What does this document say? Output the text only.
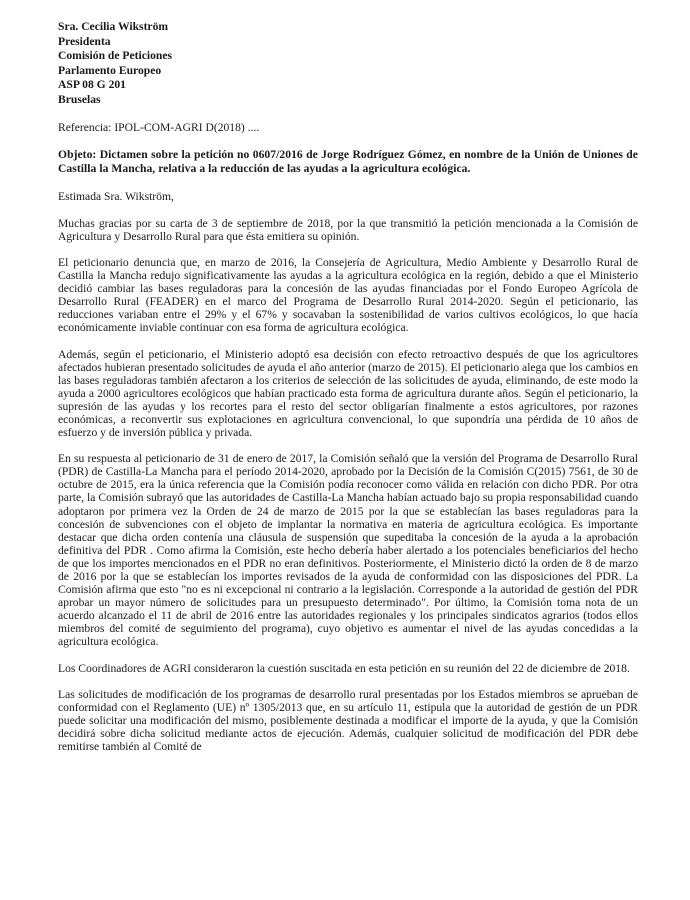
Sra. Cecilia Wikström
Presidenta
Comisión de Peticiones
Parlamento Europeo
ASP 08 G 201
Bruselas

Referencia: IPOL-COM-AGRI D(2018) ....

Objeto: Dictamen sobre la petición no 0607/2016 de Jorge Rodríguez Gómez, en nombre de la Unión de Uniones de Castilla la Mancha, relativa a la reducción de las ayudas a la agricultura ecológica.

Estimada Sra. Wikström,

Muchas gracias por su carta de 3 de septiembre de 2018, por la que transmitió la petición mencionada a la Comisión de Agricultura y Desarrollo Rural para que ésta emitiera su opinión.

El peticionario denuncia que, en marzo de 2016, la Consejería de Agricultura, Medio Ambiente y Desarrollo Rural de Castilla la Mancha redujo significativamente las ayudas a la agricultura ecológica en la región, debido a que el Ministerio decidió cambiar las bases reguladoras para la concesión de las ayudas financiadas por el Fondo Europeo Agrícola de Desarrollo Rural (FEADER) en el marco del Programa de Desarrollo Rural 2014-2020. Según el peticionario, las reducciones variaban entre el 29% y el 67% y socavaban la sostenibilidad de varios cultivos ecológicos, lo que hacía económicamente inviable continuar con esa forma de agricultura ecológica.

Además, según el peticionario, el Ministerio adoptó esa decisión con efecto retroactivo después de que los agricultores afectados hubieran presentado solicitudes de ayuda el año anterior (marzo de 2015). El peticionario alega que los cambios en las bases reguladoras también afectaron a los criterios de selección de las solicitudes de ayuda, eliminando, de este modo la ayuda a 2000 agricultores ecológicos que habían practicado esta forma de agricultura durante años. Según el peticionario, la supresión de las ayudas y los recortes para el resto del sector obligarían finalmente a estos agricultores, por razones económicas, a reconvertir sus explotaciones en agricultura convencional, lo que supondría una pérdida de 10 años de esfuerzo y de inversión pública y privada.

En su respuesta al peticionario de 31 de enero de 2017, la Comisión señaló que la versión del Programa de Desarrollo Rural (PDR) de Castilla-La Mancha para el período 2014-2020, aprobado por la Decisión de la Comisión C(2015) 7561, de 30 de octubre de 2015, era la única referencia que la Comisión podía reconocer como válida en relación con dicho PDR. Por otra parte, la Comisión subrayó que las autoridades de Castilla-La Mancha habían actuado bajo su propia responsabilidad cuando adoptaron por primera vez la Orden de 24 de marzo de 2015 por la que se establecían las bases reguladoras para la concesión de subvenciones con el objeto de implantar la normativa en materia de agricultura ecológica. Es importante destacar que dicha orden contenía una cláusula de suspensión que supeditaba la concesión de la ayuda a la aprobación definitiva del PDR . Como afirma la Comisión, este hecho debería haber alertado a los potenciales beneficiarios del hecho de que los importes mencionados en el PDR no eran definitivos. Posteriormente, el Ministerio dictó la orden de 8 de marzo de 2016 por la que se establecían los importes revisados de la ayuda de conformidad con las disposiciones del PDR. La Comisión afirma que esto "no es ni excepcional ni contrario a la legislación. Corresponde a la autoridad de gestión del PDR aprobar un mayor número de solicitudes para un presupuesto determinado". Por último, la Comisión toma nota de un acuerdo alcanzado el 11 de abril de 2016 entre las autoridades regionales y los principales sindicatos agrarios (todos ellos miembros del comité de seguimiento del programa), cuyo objetivo es aumentar el nivel de las ayudas concedidas a la agricultura ecológica.

Los Coordinadores de AGRI consideraron la cuestión suscitada en esta petición en su reunión del 22 de diciembre de 2018.

Las solicitudes de modificación de los programas de desarrollo rural presentadas por los Estados miembros se aprueban de conformidad con el Reglamento (UE) nº 1305/2013 que, en su artículo 11, estipula que la autoridad de gestión de un PDR puede solicitar una modificación del mismo, posiblemente destinada a modificar el importe de la ayuda, y que la Comisión decidirá sobre dicha solicitud mediante actos de ejecución. Además, cualquier solicitud de modificación del PDR debe remitirse también al Comité de
